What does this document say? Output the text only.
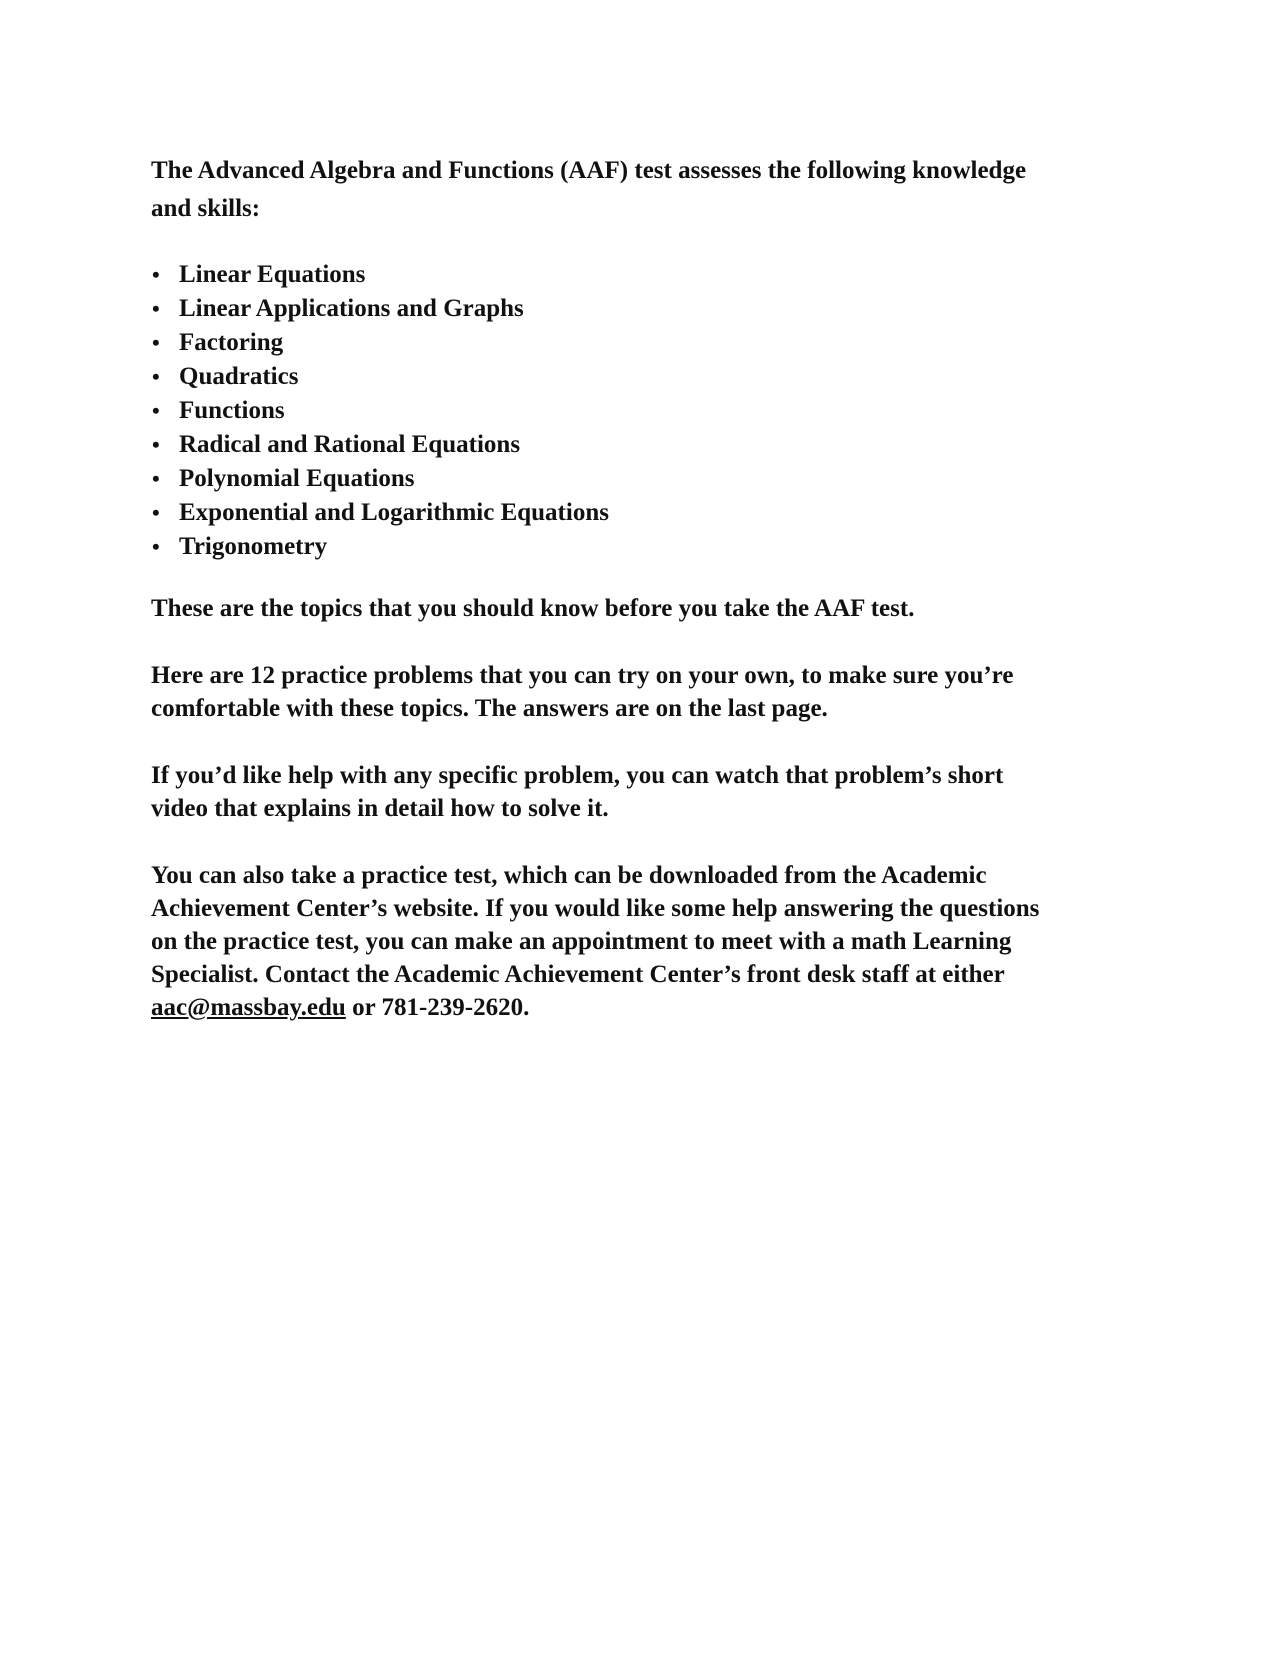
The Advanced Algebra and Functions (AAF) test assesses the following knowledge
and skills:

• Linear Equations
• Linear Applications and Graphs
• Factoring
• Quadratics
• Functions
• Radical and Rational Equations
• Polynomial Equations
• Exponential and Logarithmic Equations
• Trigonometry

These are the topics that you should know before you take the AAF test.

Here are 12 practice problems that you can try on your own, to make sure you’re
comfortable with these topics. The answers are on the last page.

If you’d like help with any specific problem, you can watch that problem’s short
video that explains in detail how to solve it.

You can also take a practice test, which can be downloaded from the Academic
Achievement Center’s website. If you would like some help answering the questions
on the practice test, you can make an appointment to meet with a math Learning
Specialist. Contact the Academic Achievement Center’s front desk staff at either
aac@massbay.edu or 781-239-2620.
